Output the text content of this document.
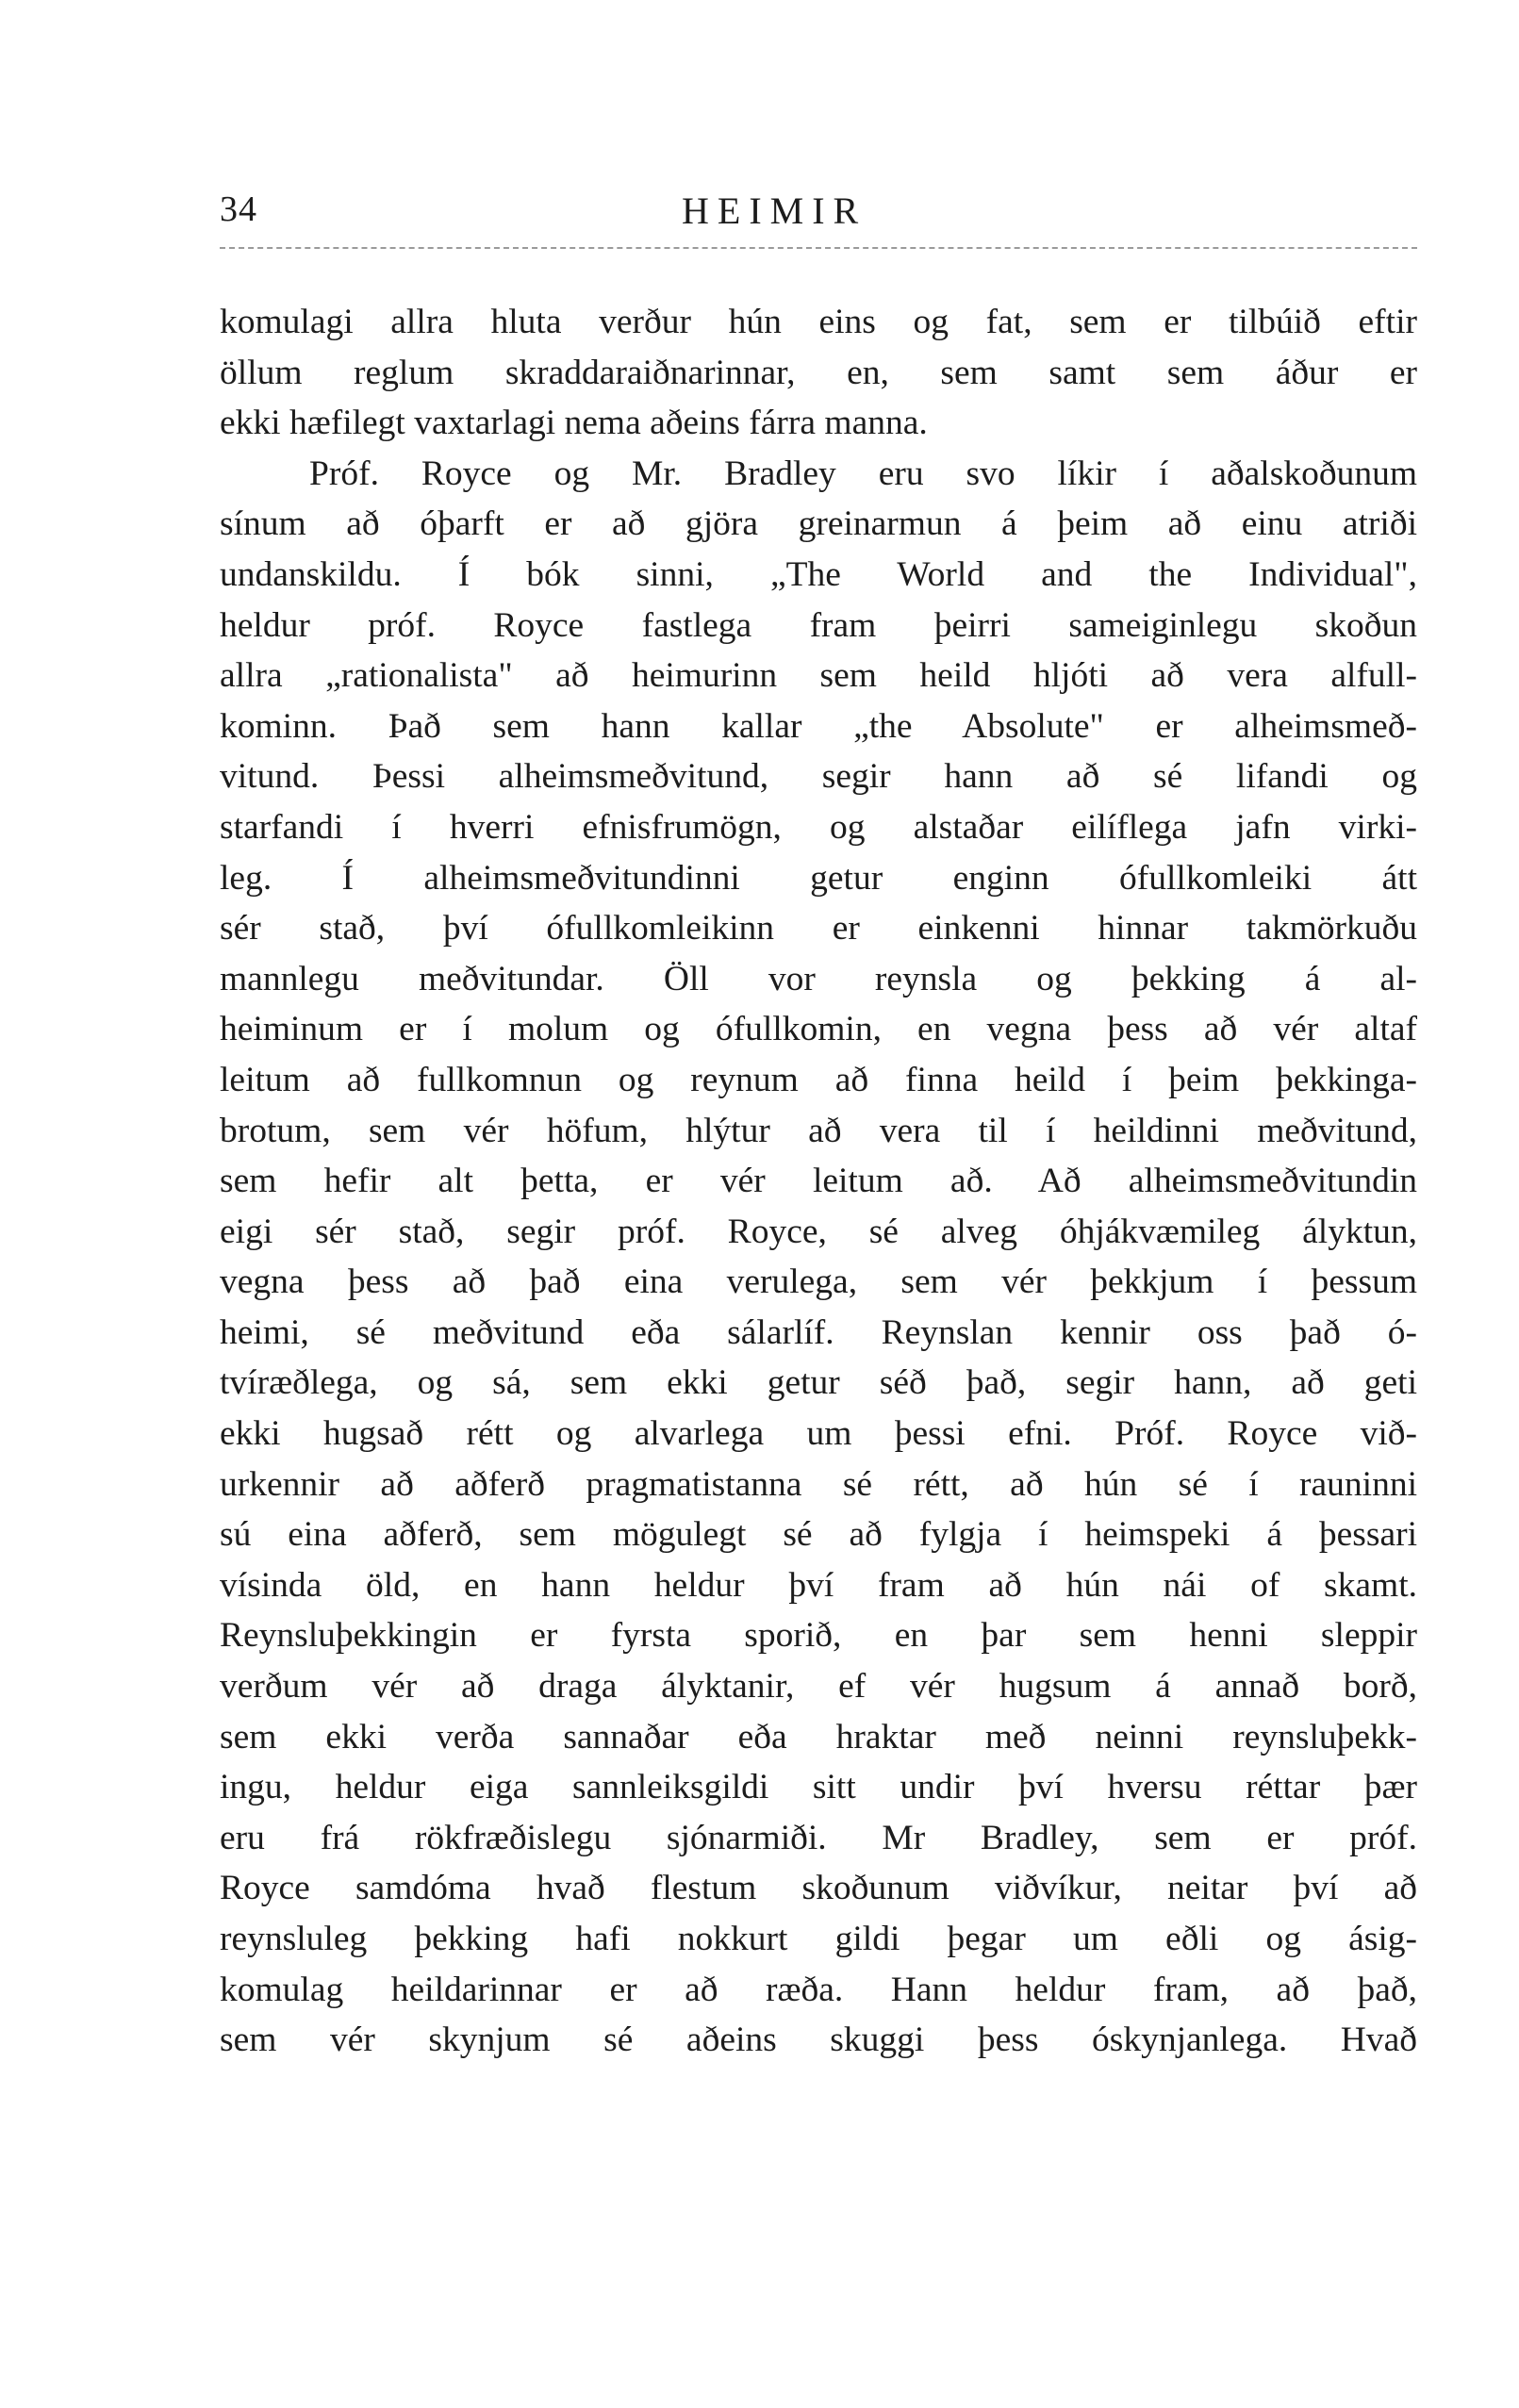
34	HEIMIR
komulagi allra hluta verður hún eins og fat, sem er tilbúið eftir
öllum reglum skraddaraiðnarinnar, en, sem samt sem áður er
ekki hæfilegt vaxtarlagi nema aðeins fárra manna.
Próf. Royce og Mr. Bradley eru svo líkir í aðalskoðunum
sínum að óþarft er að gjöra greinarmun á þeim að einu atriði
undanskildu. Í bók sinni, „The World and the Individual",
heldur próf. Royce fastlega fram þeirri sameiginlegu skoðun
allra „rationalista" að heimurinn sem heild hljóti að vera alfull-
kominn. Það sem hann kallar „the Absolute" er alheimsmeð-
vitund. Þessi alheimsmeðvitund, segir hann að sé lifandi og
starfandi í hverri efnisfrumögn, og alstaðar eilíflega jafn virki-
leg. Í alheimsmeðvitundinni getur enginn ófullkomleiki átt
sér stað, því ófullkomleikinn er einkenni hinnar takmörkuðu
mannlegu meðvitundar. Öll vor reynsla og þekking á al-
heiminum er í molum og ófullkomin, en vegna þess að vér altaf
leitum að fullkomnun og reynum að finna heild í þeim þekkinga-
brotum, sem vér höfum, hlýtur að vera til í heildinni meðvitund,
sem hefir alt þetta, er vér leitum að. Að alheimsmeðvitundin
eigi sér stað, segir próf. Royce, sé alveg óhjákvæmileg ályktun,
vegna þess að það eina verulega, sem vér þekkjum í þessum
heimi, sé meðvitund eða sálarlíf. Reynslan kennir oss það ó-
tvíræðlega, og sá, sem ekki getur séð það, segir hann, að geti
ekki hugsað rétt og alvarlega um þessi efni. Próf. Royce við-
urkennir að aðferð pragmatistanna sé rétt, að hún sé í rauninni
sú eina aðferð, sem mögulegt sé að fylgja í heimspeki á þessari
vísinda öld, en hann heldur því fram að hún nái of skamt.
Reynsluþekkingin er fyrsta sporið, en þar sem henni sleppir
verðum vér að draga ályktanir, ef vér hugsum á annað borð,
sem ekki verða sannaðar eða hraktar með neinni reynsluþekk-
ingu, heldur eiga sannleiksgildi sitt undir því hversu réttar þær
eru frá rökfræðislegu sjónarmiði. Mr Bradley, sem er próf.
Royce samdóma hvað flestum skoðunum viðvíkur, neitar því að
reynsluleg þekking hafi nokkurt gildi þegar um eðli og ásig-
komulag heildarinnar er að ræða. Hann heldur fram, að það,
sem vér skynjum sé aðeins skuggi þess óskynjanlega. Hvað
